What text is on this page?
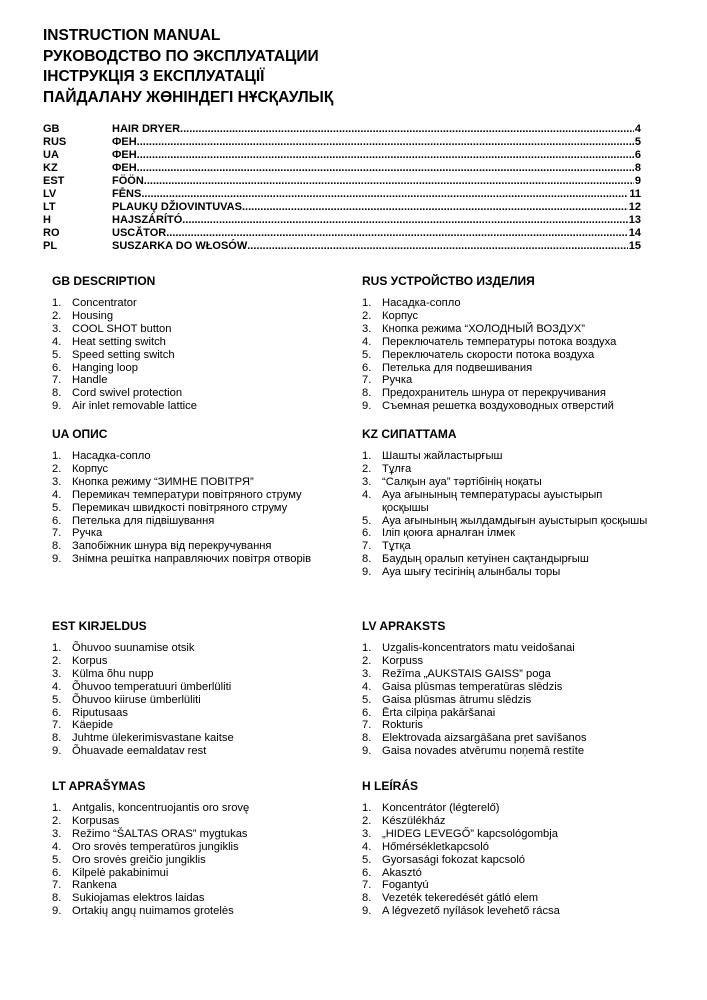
INSTRUCTION MANUAL
РУКОВОДСТВО ПО ЭКСПЛУАТАЦИИ
ІНСТРУКЦІЯ З ЕКСПЛУАТАЦІЇ
ПАЙДАЛАНУ ЖӨНІНДЕГІ НҰСҚАУЛЫҚ
GB	HAIR DRYER .....	4
RUS	ФЕН .....	5
UA	ФЕН .....	6
KZ	ФЕН .....	8
EST	FÖÖN .....	9
LV	FĒNS .....	11
LT	PLAUKŲ DŽIOVINTUVAS .....	12
H	HAJSZÁRÍTÓ .....	13
RO	USCĂTOR .....	14
PL	SUSZARKA DO WŁOSÓW .....	15
GB DESCRIPTION
1. Concentrator
2. Housing
3. COOL SHOT button
4. Heat setting switch
5. Speed setting switch
6. Hanging loop
7. Handle
8. Cord swivel protection
9. Air inlet removable lattice
RUS УСТРОЙСТВО ИЗДЕЛИЯ
1. Насадка-сопло
2. Корпус
3. Кнопка режима “ХОЛОДНЫЙ ВОЗДУХ”
4. Переключатель температуры потока воздуха
5. Переключатель скорости потока воздуха
6. Петелька для подвешивания
7. Ручка
8. Предохранитель шнура от перекручивания
9. Съемная решетка воздуховодных отверстий
UA ОПИС
1. Насадка-сопло
2. Корпус
3. Кнопка режиму “ЗИМНЕ ПОВІТРЯ”
4. Перемикач температури повітряного струму
5. Перемикач швидкості повітряного струму
6. Петелька для підвішування
7. Ручка
8. Запобіжник шнура від перекручування
9. Знімна решітка направляючих повітря отворів
KZ СИПАТТАМА
1. Шашты жайластырғыш
2. Тұлға
3. “Салқын ауа” тәртібінің ноқаты
4. Ауа ағынының температурасы ауыстырып қосқышы
5. Ауа ағынының жылдамдығын ауыстырып қосқышы
6. Іліп қоюға арналған ілмек
7. Тұтқа
8. Баудың оралып кетуінен сақтандырғыш
9. Ауа шығу тесігінің алынбалы торы
EST KIRJELDUS
1. Õhuvoo suunamise otsik
2. Korpus
3. Külma õhu nupp
4. Õhuvoo temperatuuri ümberlüliti
5. Õhuvoo kiiruse ümberlüliti
6. Riputusaas
7. Käepide
8. Juhtme ülekerimisvastane kaitse
9. Õhuavade eemaldatav rest
LV APRAKSTS
1. Uzgalis-koncentrators matu veidošanai
2. Korpuss
3. Režīma „AUKSTAIS GAISS” poga
4. Gaisa plūsmas temperatūras slēdzis
5. Gaisa plūsmas ātrumu slēdzis
6. Ērta cilpiņa pakāršanai
7. Rokturis
8. Elektrovada aizsargāšana pret savīšanos
9. Gaisa novades atvērumu noņemā restīte
LT APRAŠYMAS
1. Antgalis, koncentruojantis oro srovę
2. Korpusas
3. Režimo “ŠALTAS ORAS” mygtukas
4. Oro srovės temperatūros jungiklis
5. Oro srovės greičio jungiklis
6. Kilpelė pakabinimui
7. Rankena
8. Sukiojamas elektros laidas
9. Ortakių angų nuimamos grotelės
H LEÍRÁS
1. Koncentrátor (légterelő)
2. Készülékház
3. „HIDEG LEVEGŐ” kapcsológombja
4. Hőmérsékletkapcsoló
5. Gyorsasági fokozat kapcsoló
6. Akasztó
7. Fogantyú
8. Vezeték tekeredését gátló elem
9. A légvezető nyílások levehető rácsa
